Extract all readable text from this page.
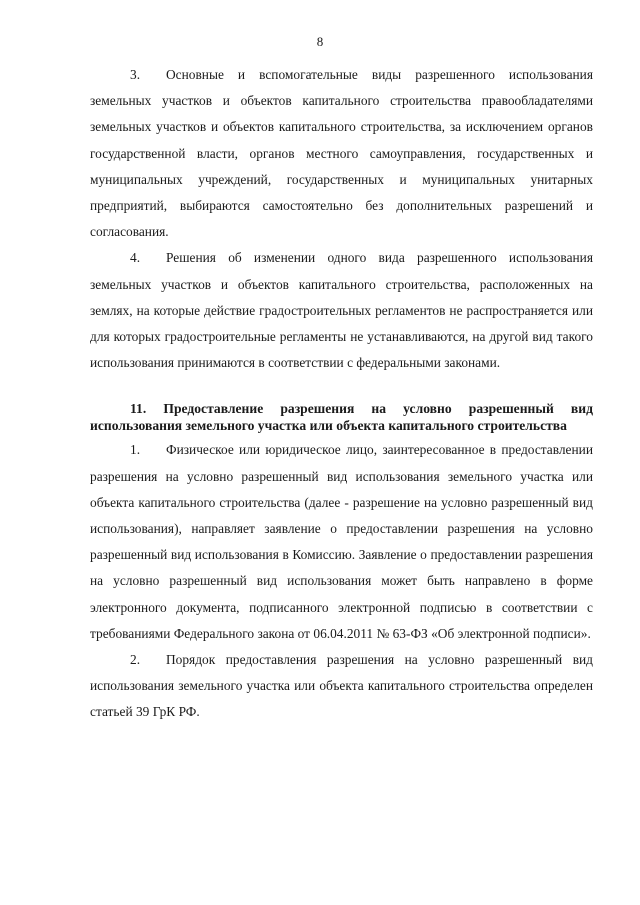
8

3. Основные и вспомогательные виды разрешенного использования земельных участков и объектов капитального строительства правообладателями земельных участков и объектов капитального строительства, за исключением органов государственной власти, органов местного самоуправления, государственных и муниципальных учреждений, государственных и муниципальных унитарных предприятий, выбираются самостоятельно без дополнительных разрешений и согласования.

4. Решения об изменении одного вида разрешенного использования земельных участков и объектов капитального строительства, расположенных на землях, на которые действие градостроительных регламентов не распространяется или для которых градостроительные регламенты не устанавливаются, на другой вид такого использования принимаются в соответствии с федеральными законами.

11. Предоставление разрешения на условно разрешенный вид использования земельного участка или объекта капитального строительства

1. Физическое или юридическое лицо, заинтересованное в предоставлении разрешения на условно разрешенный вид использования земельного участка или объекта капитального строительства (далее - разрешение на условно разрешенный вид использования), направляет заявление о предоставлении разрешения на условно разрешенный вид использования в Комиссию. Заявление о предоставлении разрешения на условно разрешенный вид использования может быть направлено в форме электронного документа, подписанного электронной подписью в соответствии с требованиями Федерального закона от 06.04.2011 № 63-ФЗ «Об электронной подписи».

2. Порядок предоставления разрешения на условно разрешенный вид использования земельного участка или объекта капитального строительства определен статьей 39 ГрК РФ.
